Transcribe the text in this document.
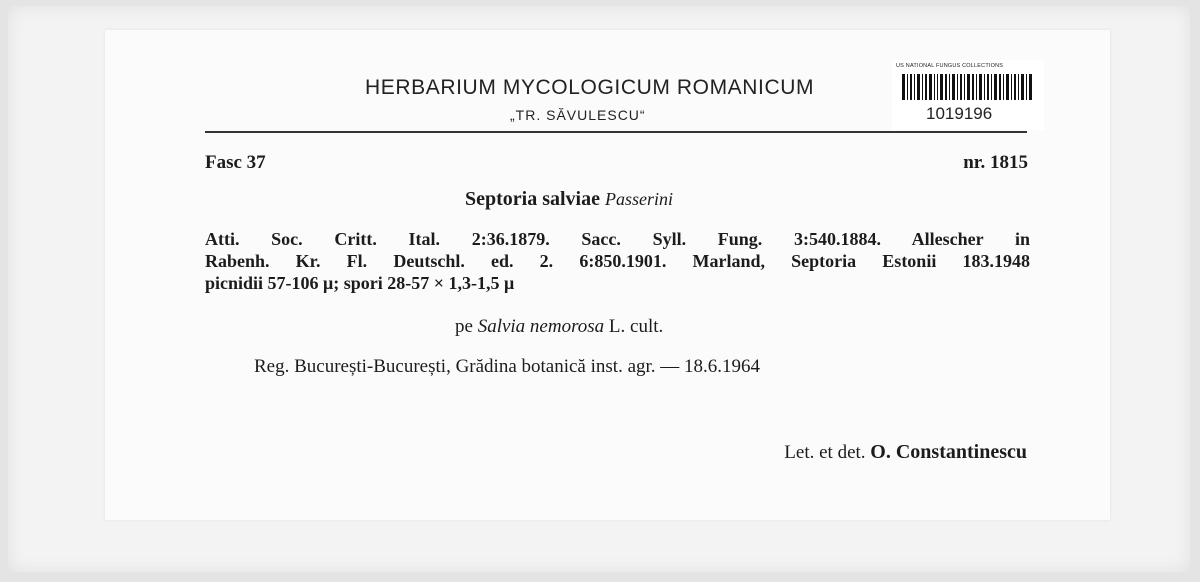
HERBARIUM MYCOLOGICUM ROMANICUM
„TR. SĂVULESCU“
US NATIONAL FUNGUS COLLECTIONS
1019196
Fasc 37	nr. 1815
Septoria salviae Passerini
Atti. Soc. Critt. Ital. 2:36.1879. Sacc. Syll. Fung. 3:540.1884. Allescher in
Rabenh. Kr. Fl. Deutschl. ed. 2. 6:850.1901. Marland, Septoria Estonii 183.1948
picnidii 57-106 μ; spori 28-57 × 1,3-1,5 μ
pe Salvia nemorosa L. cult.
Reg. București-București, Grădina botanică inst. agr. — 18.6.1964
Let. et det. O. Constantinescu
